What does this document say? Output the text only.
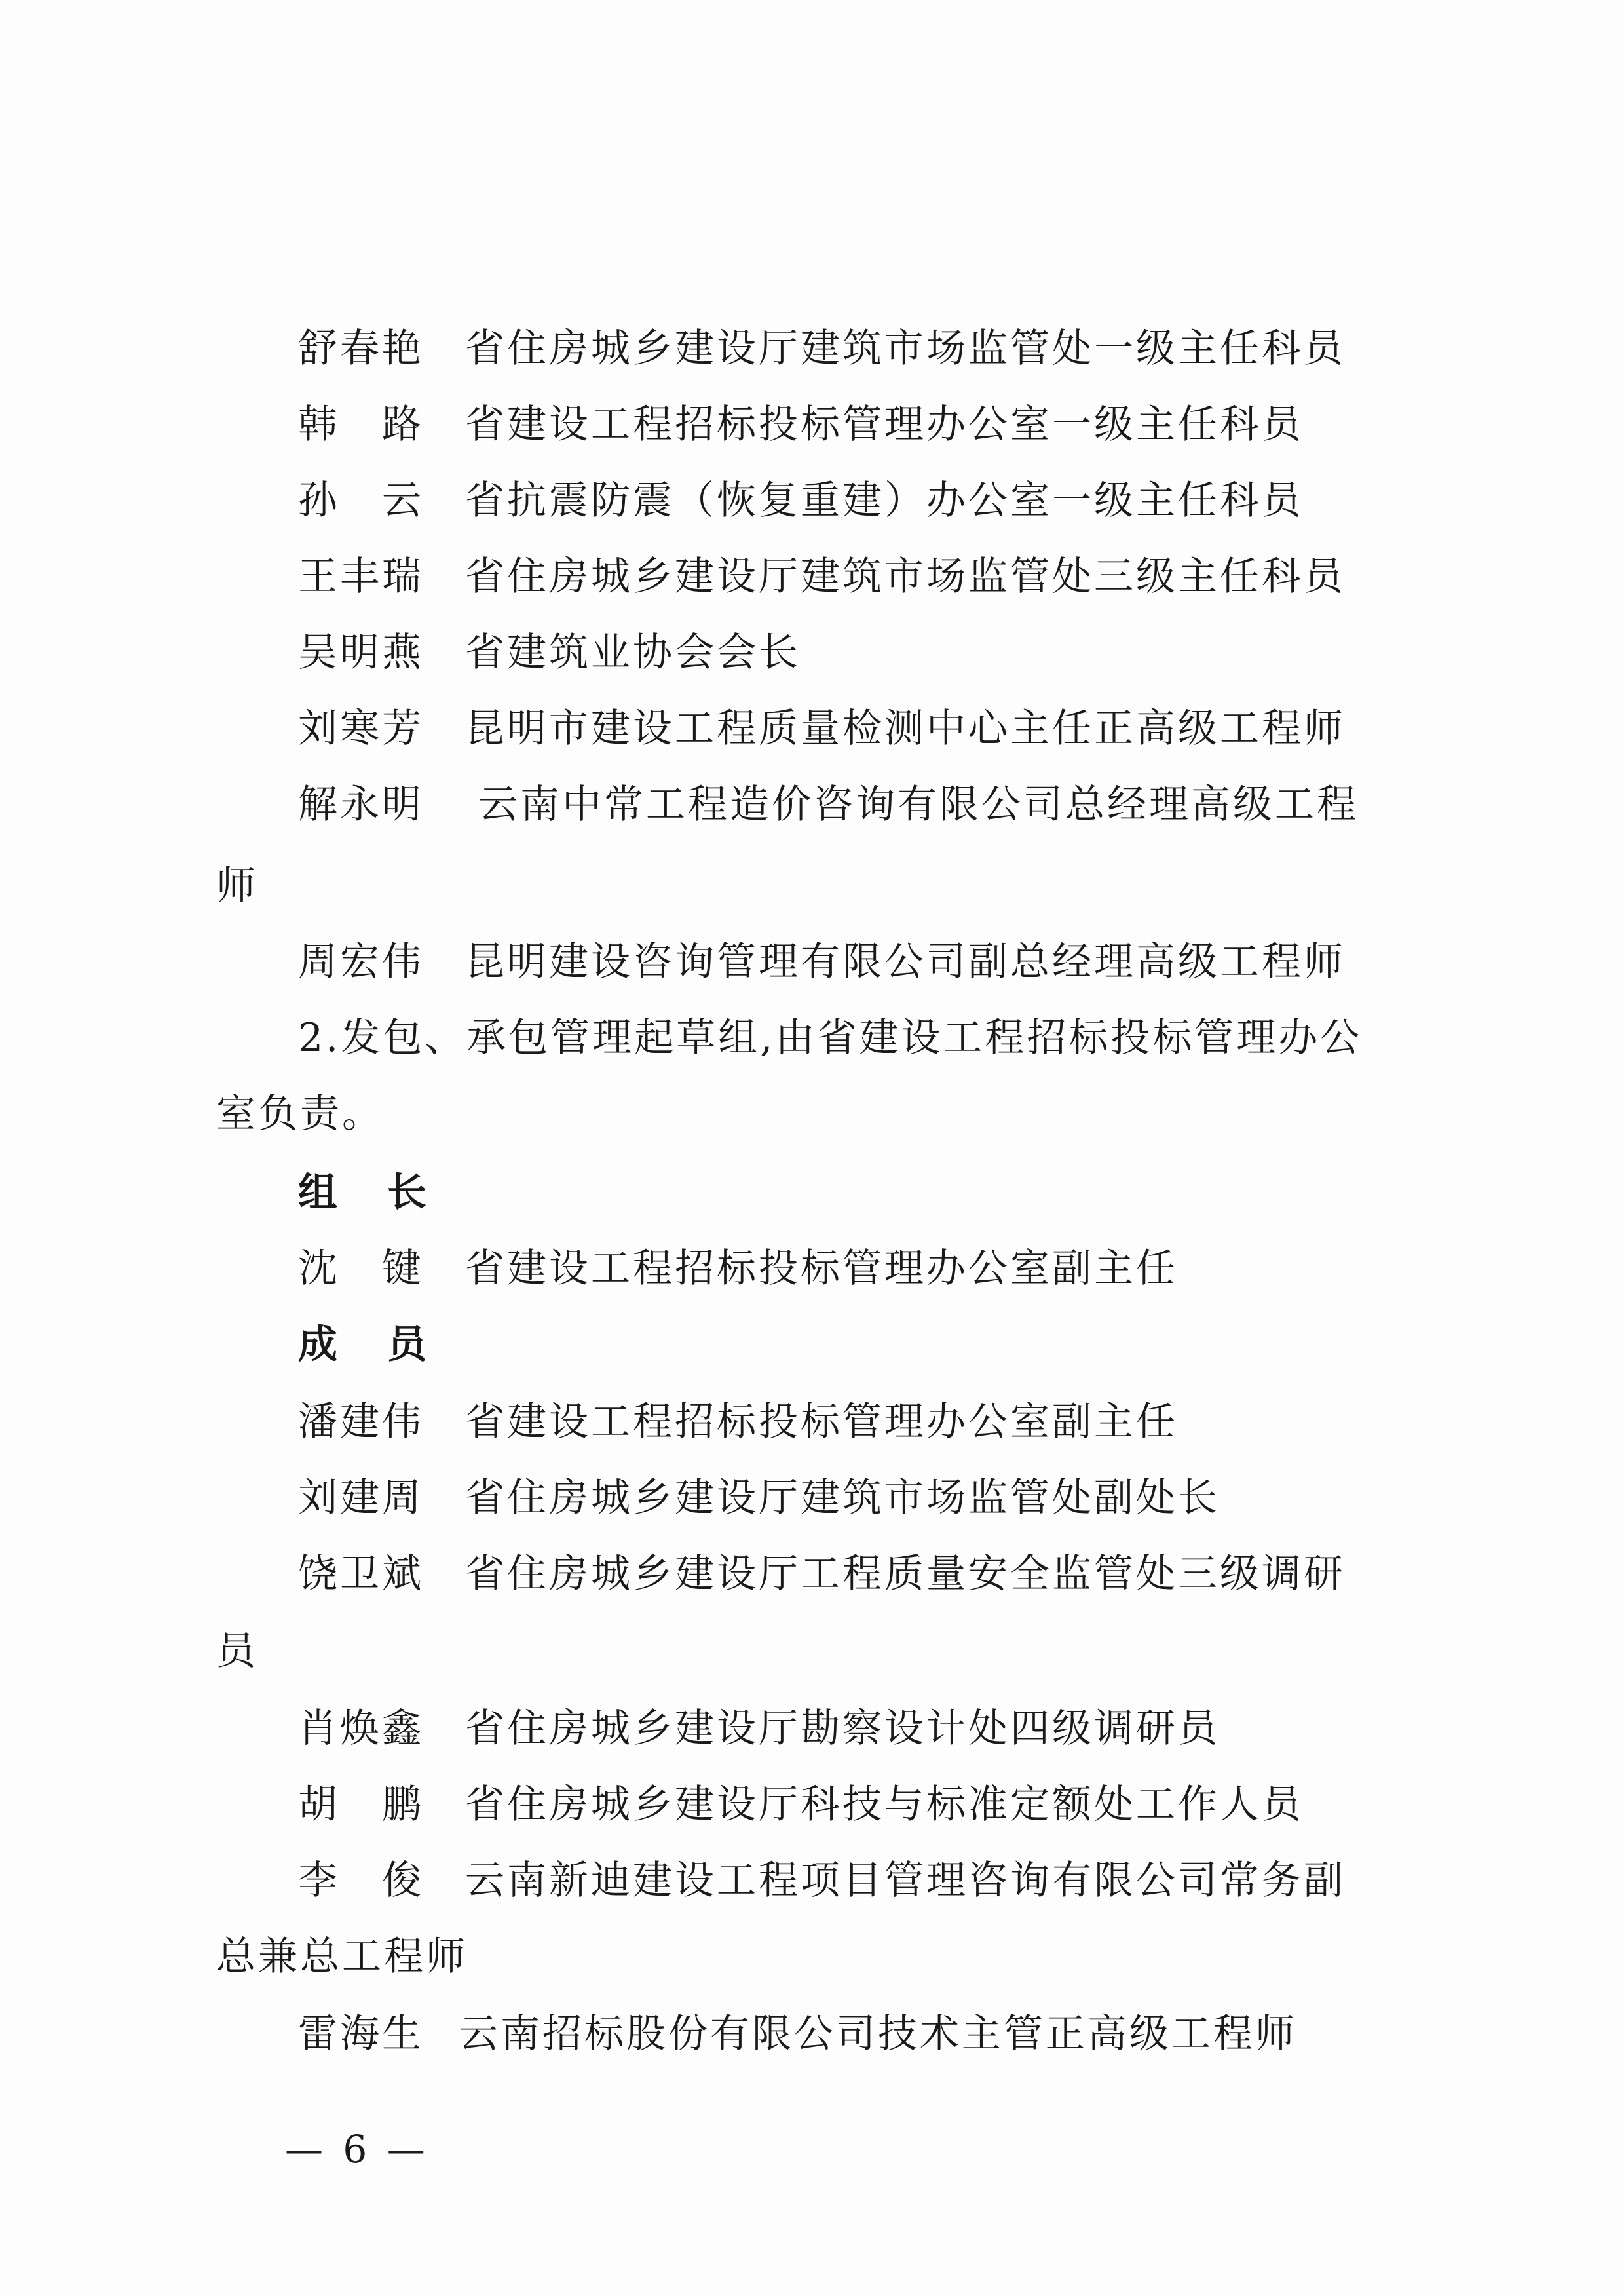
舒春艳 省住房城乡建设厅建筑市场监管处一级主任科员
韩　路 省建设工程招标投标管理办公室一级主任科员
孙　云 省抗震防震（恢复重建）办公室一级主任科员
王丰瑞 省住房城乡建设厅建筑市场监管处三级主任科员
吴明燕 省建筑业协会会长
刘寒芳 昆明市建设工程质量检测中心主任正高级工程师
解永明 云南中常工程造价咨询有限公司总经理高级工程
师
周宏伟 昆明建设咨询管理有限公司副总经理高级工程师
2.发包、承包管理起草组,由省建设工程招标投标管理办公
室负责。
组　长
沈　键 省建设工程招标投标管理办公室副主任
成　员
潘建伟 省建设工程招标投标管理办公室副主任
刘建周 省住房城乡建设厅建筑市场监管处副处长
饶卫斌 省住房城乡建设厅工程质量安全监管处三级调研
员
肖焕鑫 省住房城乡建设厅勘察设计处四级调研员
胡　鹏 省住房城乡建设厅科技与标准定额处工作人员
李　俊 云南新迪建设工程项目管理咨询有限公司常务副
总兼总工程师
雷海生 云南招标股份有限公司技术主管正高级工程师
— 6 —
